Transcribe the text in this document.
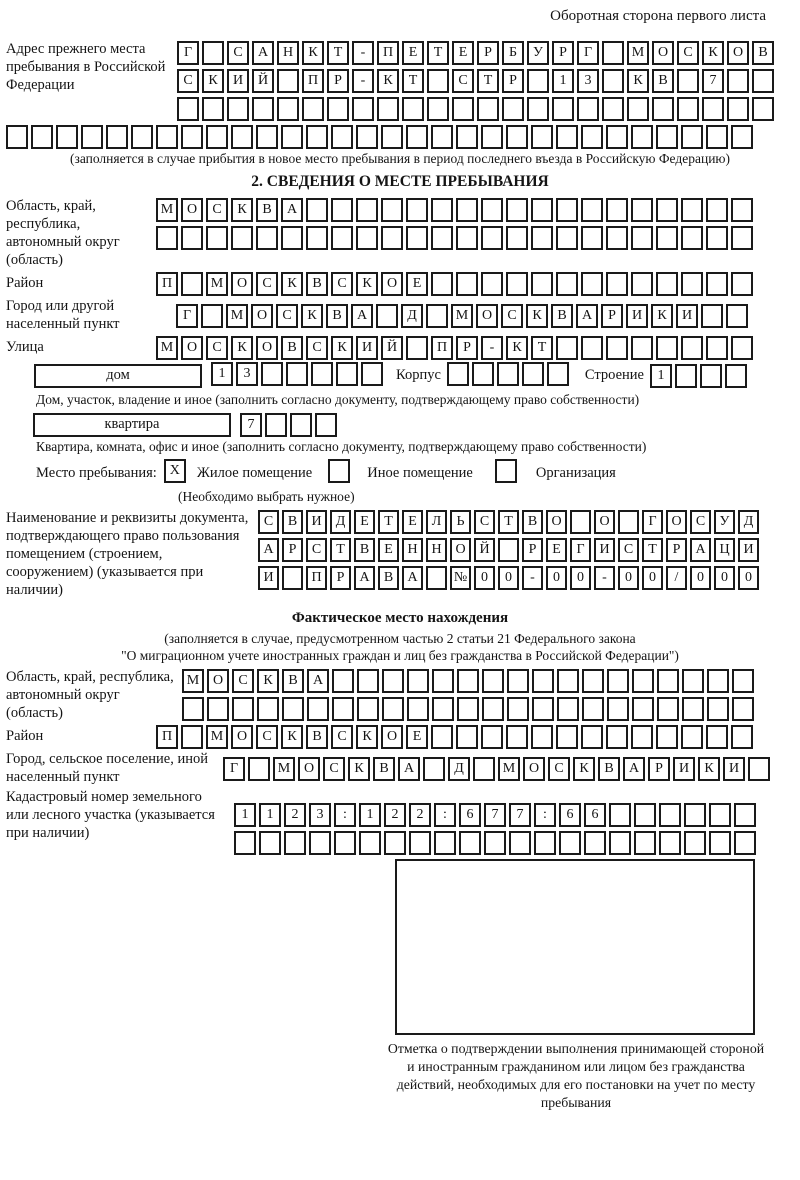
Оборотная сторона первого листа
Адрес прежнего места пребывания в Российской Федерации
Г	С	А	Н	К	Т	-	П	Е	Т	Е	Р	Б	У	Р	Г	М О	С	К	О	В
С	К	И	Й	П	Р	-	К	Т	С	Т	Р	1	3	К	В	7
(заполняется в случае прибытия в новое место пребывания в период последнего въезда в Российскую Федерацию)
2. СВЕДЕНИЯ О МЕСТЕ ПРЕБЫВАНИЯ
Область, край, республика, автономный округ (область)
М О	С	К	В	А
Район	П	М О	С	К	В	С	К	О	Е
Город или другой населенный пункт
Г	М О	С	К	В	А	Д	М О	С	К	В	А	Р	И	К	И
Улица	М О	С	К	О	В	С	К	И	Й	П	Р	-	К	Т
дом	1	3	Корпус	Строение 1
Дом, участок, владение и иное (заполнить согласно документу, подтверждающему право собственности)
квартира	7
Квартира, комната, офис и иное (заполнить согласно документу, подтверждающему право собственности)
Место пребывания: X	Жилое помещение	Иное помещение	Организация
(Необходимо выбрать нужное)
Наименование и реквизиты документа, подтверждающего право пользования помещением (строением, сооружением) (указывается при наличии)
С	В	И	Д	Е	Т	Е	Л	Ь	С	Т	В	О	О	Г	О	С	У	Д
А	Р	С	Т	В	Е	Н Н О Й	Р	Е	Г	И	С	Т	Р	А Ц И
И	П	Р	А	В	А	№ 0	0	-	0	0	-	0	0	/	0	0	0
Фактическое место нахождения
(заполняется в случае, предусмотренном частью 2 статьи 21 Федерального закона
"О миграционном учете иностранных граждан и лиц без гражданства в Российской Федерации")
Область, край, республика, автономный округ (область)
М О	С	К	В	А
Район	П	М О	С	К	В	С	К	О	Е
Город, сельское поселение, иной населенный пункт
Г	М О	С	К	В	А	Д	М О	С	К	В	А	Р	И	К	И
Кадастровый номер земельного или лесного участка (указывается при наличии)
1	1	2	3	:	1	2	2	:	6	7	7	:	6	6
Отметка о подтверждении выполнения принимающей стороной и иностранным гражданином или лицом без гражданства действий, необходимых для его постановки на учет по месту пребывания
